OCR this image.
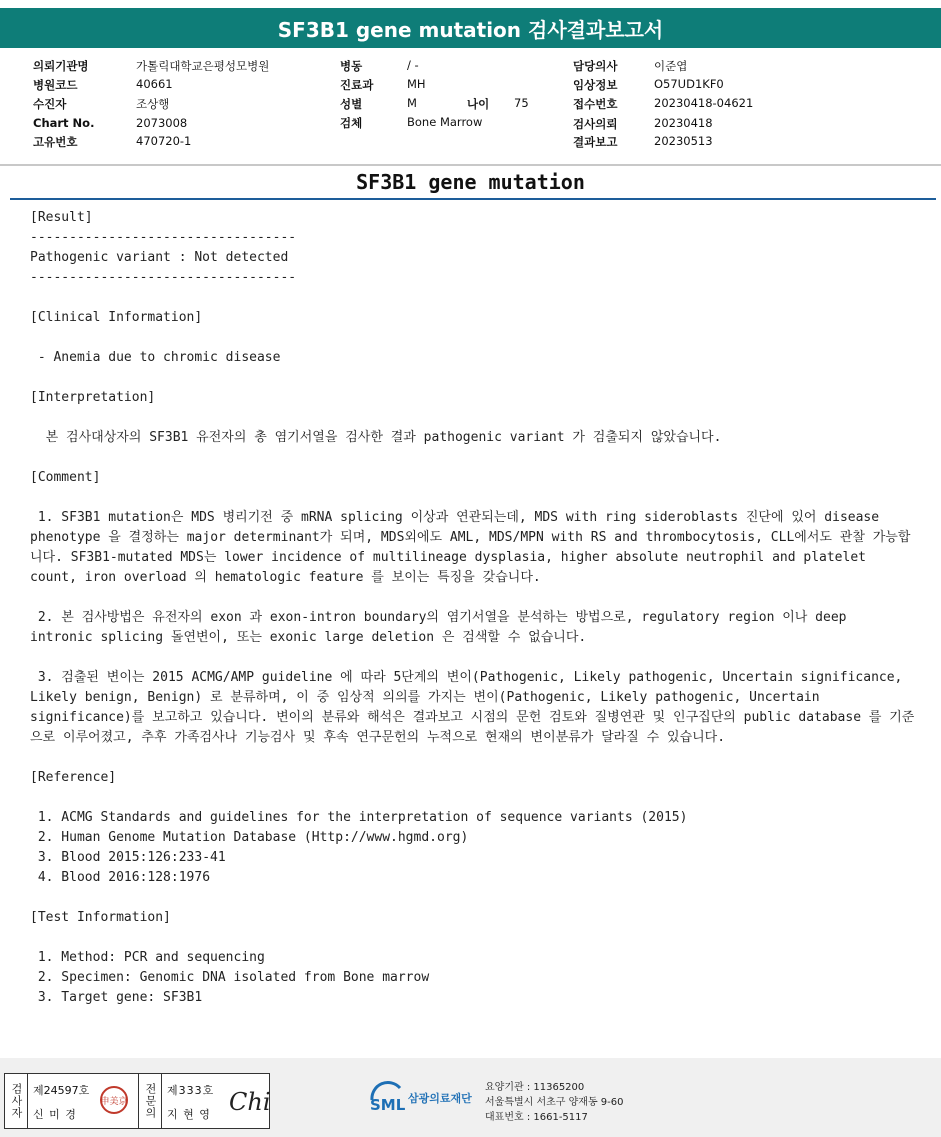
SF3B1 gene mutation 검사결과보고서
의뢰기관명	가톨릭대학교은평성모병원
병원코드	40661
수진자	조상행
Chart No.	2073008
고유번호	470720-1
병동	/ -
진료과	MH
성별	M	나이 75
검체	Bone Marrow
담당의사	이준엽
임상정보	O57UD1KF0
접수번호	20230418-04621
검사의뢰	20230418
결과보고	20230513
SF3B1 gene mutation

[Result]

----------------------------------

Pathogenic variant : Not detected

----------------------------------

[Clinical Information]

- Anemia due to chromic disease

[Interpretation]

본 검사대상자의 SF3B1 유전자의 총 염기서열을 검사한 결과 pathogenic variant 가 검출되지 않았습니다.

[Comment]

1. SF3B1 mutation은 MDS 병리기전 중 mRNA splicing 이상과 연관되는데, MDS with ring sideroblasts 진단에 있어 disease phenotype 을 결정하는 major determinant가 되며, MDS외에도 AML, MDS/MPN with RS and thrombocytosis, CLL에서도 관찰 가능합니다. SF3B1-mutated MDS는 lower incidence of multilineage dysplasia, higher absolute neutrophil and platelet count, iron overload 의 hematologic feature 를 보이는 특징을 갖습니다.

2. 본 검사방법은 유전자의 exon 과 exon-intron boundary의 염기서열을 분석하는 방법으로, regulatory region 이나 deep intronic splicing 돌연변이, 또는 exonic large deletion 은 검색할 수 없습니다.

3. 검출된 변이는 2015 ACMG/AMP guideline 에 따라 5단계의 변이(Pathogenic, Likely pathogenic, Uncertain significance, Likely benign, Benign) 로 분류하며, 이 중 임상적 의의를 가지는 변이(Pathogenic, Likely pathogenic, Uncertain significance)를 보고하고 있습니다. 변이의 분류와 해석은 결과보고 시점의 문헌 검토와 질병연관 및 인구집단의 public database 를 기준으로 이루어졌고, 추후 가족검사나 기능검사 및 후속 연구문헌의 누적으로 현재의 변이분류가 달라질 수 있습니다.

[Reference]

1. ACMG Standards and guidelines for the interpretation of sequence variants (2015)

2. Human Genome Mutation Database (Http://www.hgmd.org)

3. Blood 2015:126:233-41

4. Blood 2016:128:1976

[Test Information]

1. Method: PCR and sequencing

2. Specimen: Genomic DNA isolated from Bone marrow

3. Target gene: SF3B1

검사자 제24597호
신 미 경
申美京 전문의 제333호
지 현 영 Chi	SML 삼광의료재단
요양기관 : 11365200
서울특별시 서초구 양재동 9-60
대표번호 : 1661-5117
